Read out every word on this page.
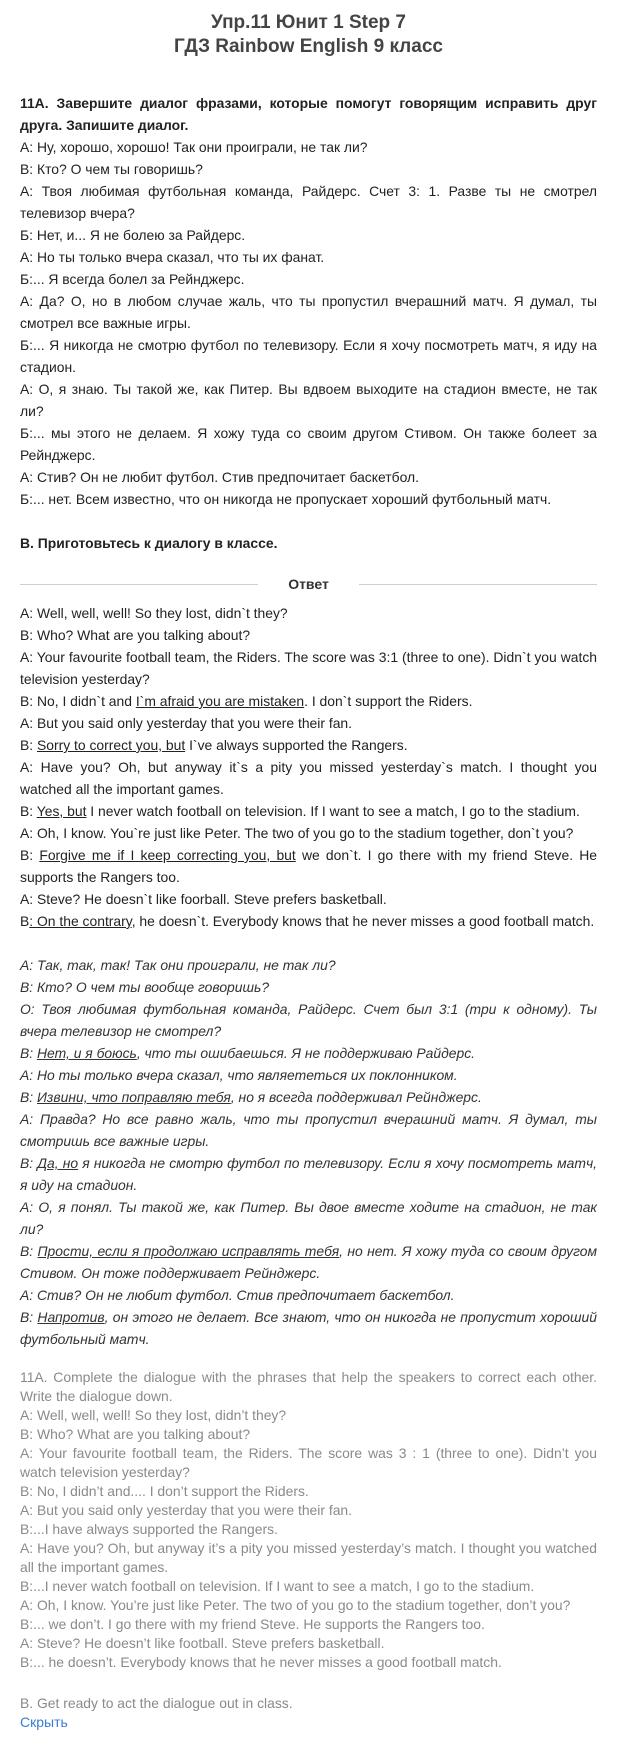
Упр.11 Юнит 1 Step 7
ГДЗ Rainbow English 9 класс
11А. Завершите диалог фразами, которые помогут говорящим исправить друг друга. Запишите диалог.
A: Ну, хорошо, хорошо! Так они проиграли, не так ли?
B: Кто? О чем ты говоришь?
A: Твоя любимая футбольная команда, Райдерс. Счет 3: 1. Разве ты не смотрел телевизор вчера?
Б: Нет, и... Я не болею за Райдерс.
А: Но ты только вчера сказал, что ты их фанат.
Б:... Я всегда болел за Рейнджерс.
А: Да? О, но в любом случае жаль, что ты пропустил вчерашний матч. Я думал, ты смотрел все важные игры.
Б:... Я никогда не смотрю футбол по телевизору. Если я хочу посмотреть матч, я иду на стадион.
А: О, я знаю. Ты такой же, как Питер. Вы вдвоем выходите на стадион вместе, не так ли?
Б:... мы этого не делаем. Я хожу туда со своим другом Стивом. Он также болеет за Рейнджерс.
А: Стив? Он не любит футбол. Стив предпочитает баскетбол.
Б:... нет. Всем известно, что он никогда не пропускает хороший футбольный матч.
B. Приготовьтесь к диалогу в классе.
Ответ
A: Well, well, well! So they lost, didn`t they?
B: Who? What are you talking about?
A: Your favourite football team, the Riders. The score was 3:1 (three to one). Didn`t you watch television yesterday?
B: No, I didn`t and I`m afraid you are mistaken. I don`t support the Riders.
A: But you said only yesterday that you were their fan.
B: Sorry to correct you, but I`ve always supported the Rangers.
A: Have you? Oh, but anyway it`s a pity you missed yesterday`s match. I thought you watched all the important games.
B: Yes, but I never watch football on television. If I want to see a match, I go to the stadium.
A: Oh, I know. You`re just like Peter. The two of you go to the stadium together, don`t you?
B: Forgive me if I keep correcting you, but we don`t. I go there with my friend Steve. He supports the Rangers too.
A: Steve? He doesn`t like foorball. Steve prefers basketball.
B: On the contrary, he doesn`t. Everybody knows that he never misses a good football match.
А: Так, так, так! Так они проиграли, не так ли?
В: Кто? О чем ты вообще говоришь?
О: Твоя любимая футбольная команда, Райдерс. Счет был 3:1 (три к одному). Ты вчера телевизор не смотрел?
В: Нет, и я боюсь, что ты ошибаешься. Я не поддерживаю Райдерс.
А: Но ты только вчера сказал, что являететься их поклонником.
В: Извини, что поправляю тебя, но я всегда поддерживал Рейнджерс.
А: Правда? Но все равно жаль, что ты пропустил вчерашний матч. Я думал, ты смотришь все важные игры.
В: Да, но я никогда не смотрю футбол по телевизору. Если я хочу посмотреть матч, я иду на стадион.
А: О, я понял. Ты такой же, как Питер. Вы двое вместе ходите на стадион, не так ли?
В: Прости, если я продолжаю исправлять тебя, но нет. Я хожу туда со своим другом Стивом. Он тоже поддерживает Рейнджерс.
А: Стив? Он не любит футбол. Стив предпочитает баскетбол.
В: Напротив, он этого не делает. Все знают, что он никогда не пропустит хороший футбольный матч.
11A. Complete the dialogue with the phrases that help the speakers to correct each other. Write the dialogue down.
A: Well, well, well! So they lost, didn’t they?
B: Who? What are you talking about?
A: Your favourite football team, the Riders. The score was 3 : 1 (three to one). Didn’t you watch television yesterday?
B: No, I didn’t and.... I don’t support the Riders.
A: But you said only yesterday that you were their fan.
B:...I have always supported the Rangers.
A: Have you? Oh, but anyway it’s a pity you missed yesterday’s match. I thought you watched all the important games.
B:...I never watch football on television. If I want to see a match, I go to the stadium.
A: Oh, I know. You’re just like Peter. The two of you go to the stadium together, don’t you?
B:... we don’t. I go there with my friend Steve. He supports the Rangers too.
A: Steve? He doesn’t like football. Steve prefers basketball.
B:... he doesn’t. Everybody knows that he never misses a good football match.
B. Get ready to act the dialogue out in class.
Скрыть
